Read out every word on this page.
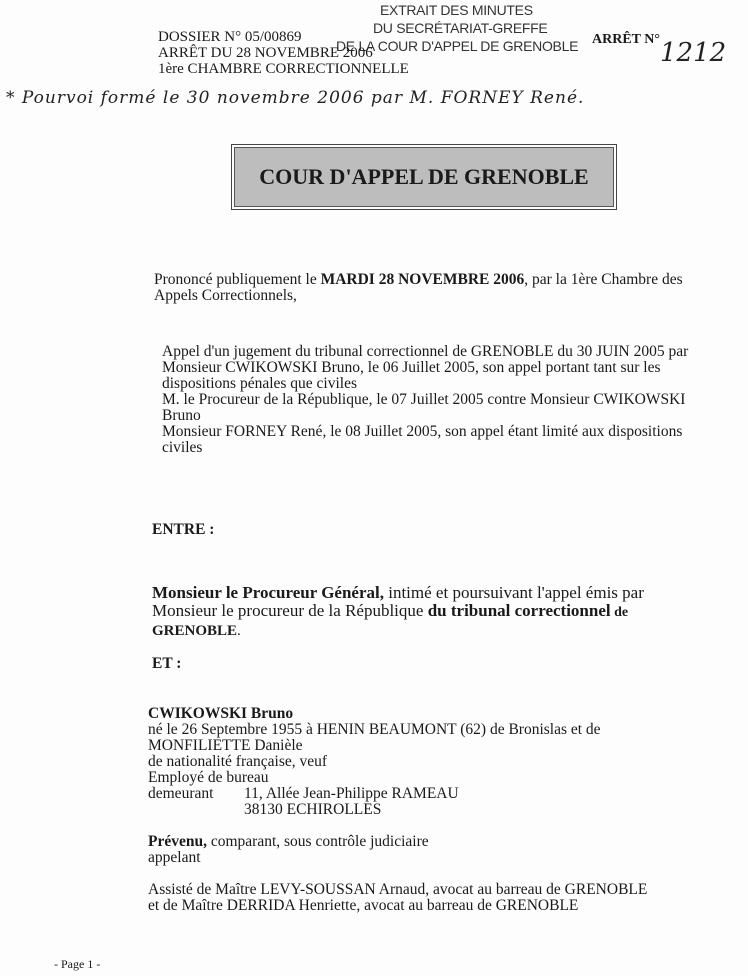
EXTRAIT DES MINUTES
DU SECRÉTARIAT-GREFFE
DE LA COUR D'APPEL DE GRENOBLE
DOSSIER N° 05/00869
ARRÊT DU 28 NOVEMBRE 2006
1ère CHAMBRE CORRECTIONNELLE
ARRÊT N° 1212
* Pourvoi formé le 30 novembre 2006 par M. FORNEY René.
COUR D'APPEL DE GRENOBLE
Prononcé publiquement le MARDI 28 NOVEMBRE 2006, par la 1ère Chambre des
Appels Correctionnels,
Appel d'un jugement du tribunal correctionnel de GRENOBLE du 30 JUIN 2005 par
Monsieur CWIKOWSKI Bruno, le 06 Juillet 2005, son appel portant tant sur les
dispositions pénales que civiles
M. le Procureur de la République, le 07 Juillet 2005 contre Monsieur CWIKOWSKI
Bruno
Monsieur FORNEY René, le 08 Juillet 2005, son appel étant limité aux dispositions
civiles
ENTRE :
Monsieur le Procureur Général, intimé et poursuivant l'appel émis par
Monsieur le procureur de la République du tribunal correctionnel de
GRENOBLE.
ET :
CWIKOWSKI Bruno
né le 26 Septembre 1955 à HENIN BEAUMONT (62) de Bronislas et de
MONFILIETTE Danièle
de nationalité française, veuf
Employé de bureau
demeurant 11, Allée Jean-Philippe RAMEAU
38130 ECHIROLLES
Prévenu, comparant, sous contrôle judiciaire
appelant
Assisté de Maître LEVY-SOUSSAN Arnaud, avocat au barreau de GRENOBLE
et de Maître DERRIDA Henriette, avocat au barreau de GRENOBLE
- Page 1 -
